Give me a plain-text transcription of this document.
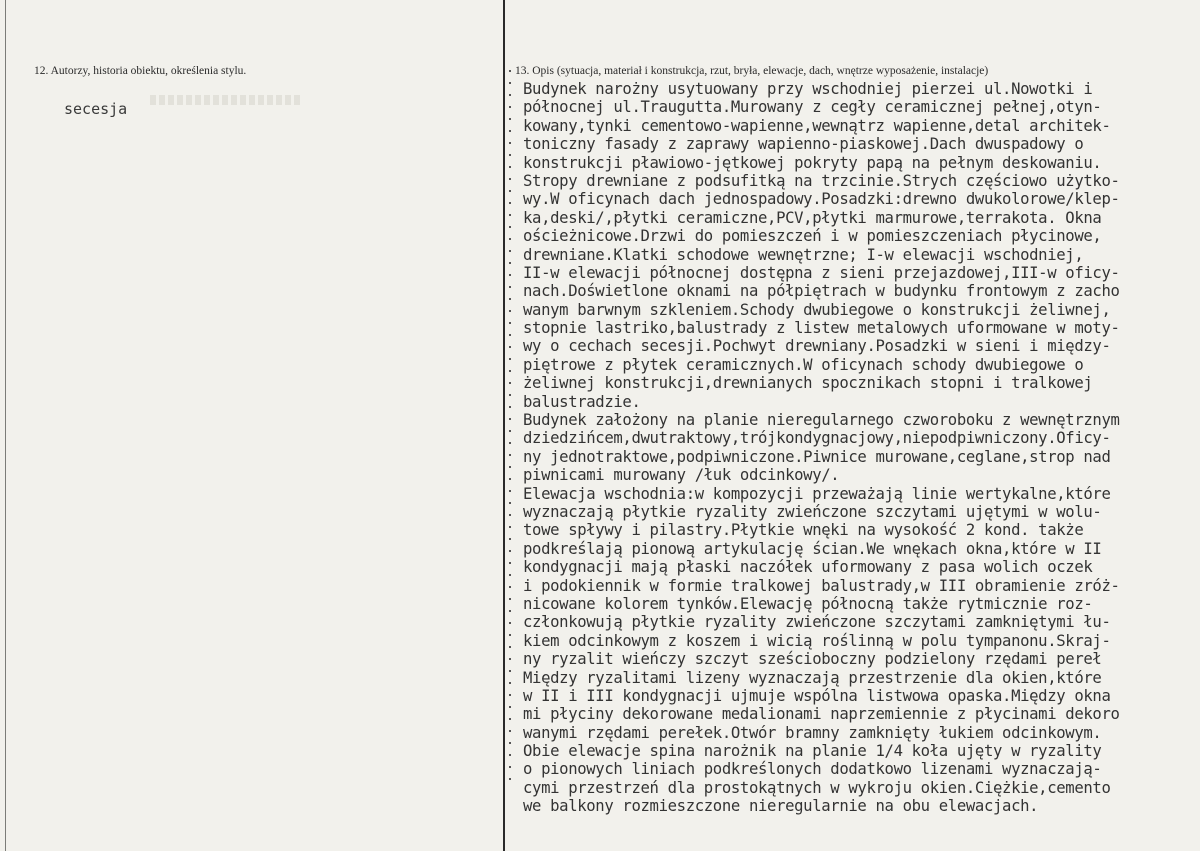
12. Autorzy, historia obiektu, określenia stylu.
secesja
13. Opis (sytuacja, materiał i konstrukcja, rzut, bryła, elewacje, dach, wnętrze wyposażenie, instalacje)
Budynek narożny usytuowany przy wschodniej pierzei ul.Nowotki i
północnej ul.Traugutta.Murowany z cegły ceramicznej pełnej,otyn-
kowany,tynki cementowo-wapienne,wewnątrz wapienne,detal architek-
toniczny fasady z zaprawy wapienno-piaskowej.Dach dwuspadowy o
konstrukcji pławiowo-jętkowej pokryty papą na pełnym deskowaniu.
Stropy drewniane z podsufitką na trzcinie.Strych częściowo użytko-
wy.W oficynach dach jednospadowy.Posadzki:drewno dwukolorowe/klep-
ka,deski/,płytki ceramiczne,PCV,płytki marmurowe,terrakota. Okna
ościeżnicowe.Drzwi do pomieszczeń i w pomieszczeniach płycinowe,
drewniane.Klatki schodowe wewnętrzne; I-w elewacji wschodniej,
II-w elewacji północnej dostępna z sieni przejazdowej,III-w oficy-
nach.Doświetlone oknami na półpiętrach w budynku frontowym z zacho
wanym barwnym szkleniem.Schody dwubiegowe o konstrukcji żeliwnej,
stopnie lastriko,balustrady z listew metalowych uformowane w moty-
wy o cechach secesji.Pochwyt drewniany.Posadzki w sieni i między-
piętrowe z płytek ceramicznych.W oficynach schody dwubiegowe o
żeliwnej konstrukcji,drewnianych spocznikach stopni i tralkowej
balustradzie.
Budynek założony na planie nieregularnego czworoboku z wewnętrznym
dziedzińcem,dwutraktowy,trójkondygnacjowy,niepodpiwniczony.Oficy-
ny jednotraktowe,podpiwniczone.Piwnice murowane,ceglane,strop nad
piwnicami murowany /łuk odcinkowy/.
Elewacja wschodnia:w kompozycji przeważają linie wertykalne,które
wyznaczają płytkie ryzality zwieńczone szczytami ujętymi w wolu-
towe spływy i pilastry.Płytkie wnęki na wysokość 2 kond. także
podkreślają pionową artykulację ścian.We wnękach okna,które w II
kondygnacji mają płaski naczółek uformowany z pasa wolich oczek
i podokiennik w formie tralkowej balustrady,w III obramienie zróż-
nicowane kolorem tynków.Elewację północną także rytmicznie roz-
członkowują płytkie ryzality zwieńczone szczytami zamkniętymi łu-
kiem odcinkowym z koszem i wicią roślinną w polu tympanonu.Skraj-
ny ryzalit wieńczy szczyt sześcioboczny podzielony rzędami pereł
Między ryzalitami lizeny wyznaczają przestrzenie dla okien,które
w II i III kondygnacji ujmuje wspólna listwowa opaska.Między okna
mi płyciny dekorowane medalionami naprzemiennie z płycinami dekoro
wanymi rzędami perełek.Otwór bramny zamknięty łukiem odcinkowym.
Obie elewacje spina narożnik na planie 1/4 koła ujęty w ryzality
o pionowych liniach podkreślonych dodatkowo lizenami wyznaczają-
cymi przestrzeń dla prostokątnych w wykroju okien.Ciężkie,cemento
we balkony rozmieszczone nieregularnie na obu elewacjach.
